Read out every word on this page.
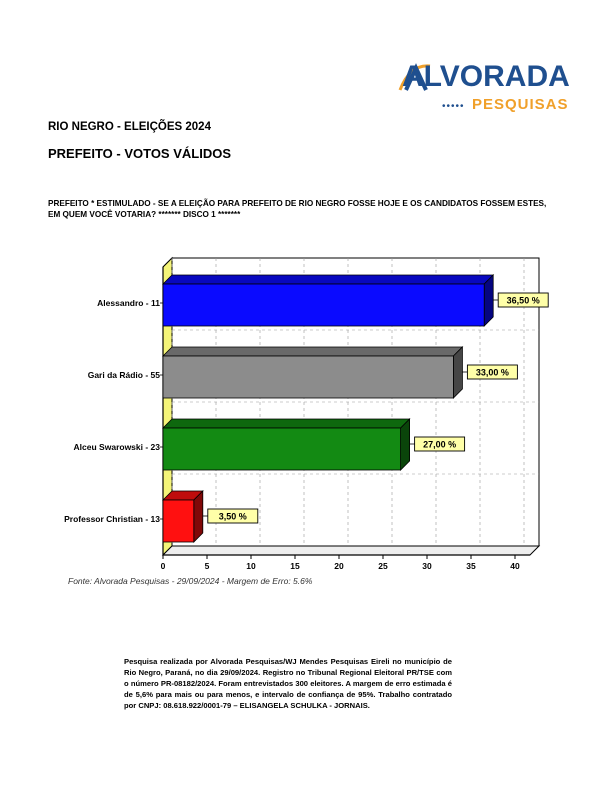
ALVORADA
••••• PESQUISAS
RIO NEGRO - ELEIÇÕES 2024
PREFEITO - VOTOS VÁLIDOS
PREFEITO * ESTIMULADO - SE A ELEIÇÃO PARA PREFEITO DE RIO NEGRO FOSSE HOJE E OS CANDIDATOS FOSSEM ESTES, EM QUEM VOCÊ VOTARIA? ******* DISCO 1 *******
0	5	10	15	20	25	30	35	40
Alessandro - 11	36,50 %
Gari da Rádio - 55	33,00 %
Alceu Swarowski - 23	27,00 %
Professor Christian - 13	3,50 %
Fonte: Alvorada Pesquisas - 29/09/2024 - Margem de Erro: 5.6%
Pesquisa realizada por Alvorada Pesquisas/WJ Mendes Pesquisas Eireli no município de Rio Negro, Paraná, no dia 29/09/2024. Registro no Tribunal Regional Eleitoral PR/TSE com o número PR-08182/2024. Foram entrevistados 300 eleitores. A margem de erro estimada é de 5,6% para mais ou para menos, e intervalo de confiança de 95%. Trabalho contratado por CNPJ: 08.618.922/0001-79 – ELISANGELA SCHULKA - JORNAIS.
